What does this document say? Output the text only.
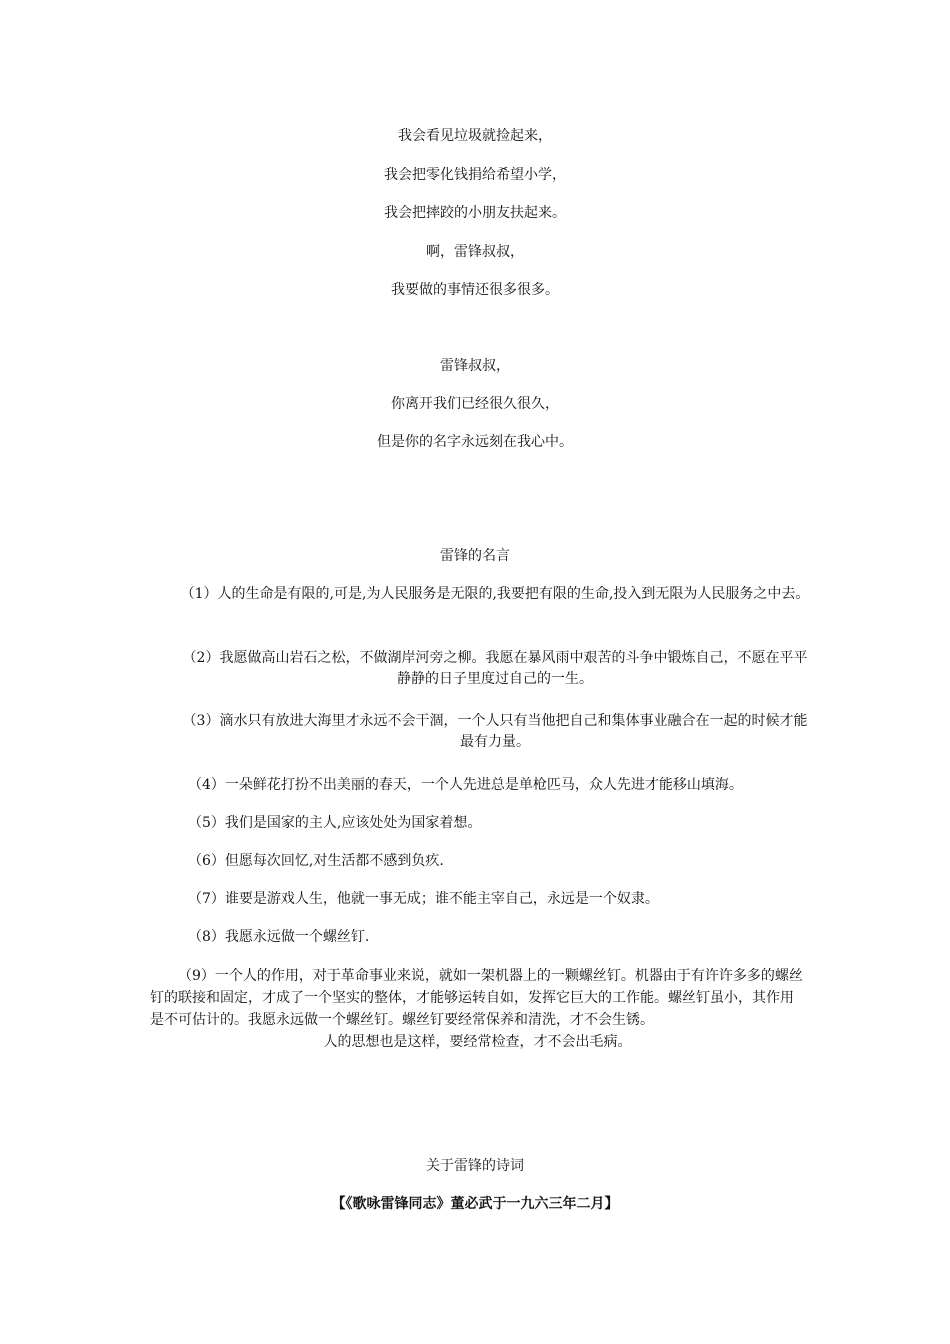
我会看见垃圾就捡起来，
我会把零化钱捐给希望小学，
我会把摔跤的小朋友扶起来。
啊，雷锋叔叔，
我要做的事情还很多很多。
雷锋叔叔，
你离开我们已经很久很久，
但是你的名字永远刻在我心中。
雷锋的名言
（1）人的生命是有限的,可是,为人民服务是无限的,我要把有限的生命,投入到无限为人民服务之中去。
（2）我愿做高山岩石之松，不做湖岸河旁之柳。我愿在暴风雨中艰苦的斗争中锻炼自己，不愿在平平静静的日子里度过自己的一生。
（3）滴水只有放进大海里才永远不会干涸，一个人只有当他把自己和集体事业融合在一起的时候才能最有力量。
（4）一朵鲜花打扮不出美丽的春天，一个人先进总是单枪匹马，众人先进才能移山填海。
（5）我们是国家的主人,应该处处为国家着想。
（6）但愿每次回忆,对生活都不感到负疚.
（7）谁要是游戏人生，他就一事无成；谁不能主宰自己，永远是一个奴隶。
（8）我愿永远做一个螺丝钉.
（9）一个人的作用，对于革命事业来说，就如一架机器上的一颗螺丝钉。机器由于有许许多多的螺丝钉的联接和固定，才成了一个坚实的整体，才能够运转自如，发挥它巨大的工作能。螺丝钉虽小，其作用是不可估计的。我愿永远做一个螺丝钉。螺丝钉要经常保养和清洗，才不会生锈。
人的思想也是这样，要经常检查，才不会出毛病。
关于雷锋的诗词
【《歌咏雷锋同志》董必武于一九六三年二月】
